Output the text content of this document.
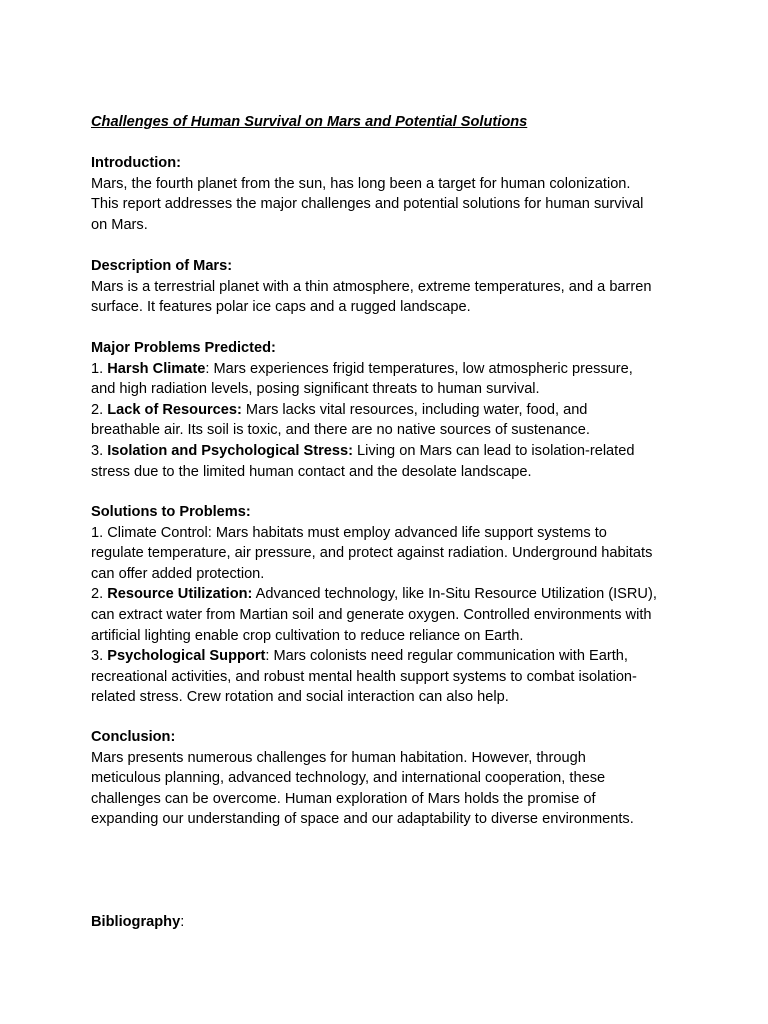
Challenges of Human Survival on Mars and Potential Solutions
Introduction:
Mars, the fourth planet from the sun, has long been a target for human colonization.
This report addresses the major challenges and potential solutions for human survival
on Mars.
Description of Mars:
Mars is a terrestrial planet with a thin atmosphere, extreme temperatures, and a barren
surface. It features polar ice caps and a rugged landscape.
Major Problems Predicted:
1. Harsh Climate: Mars experiences frigid temperatures, low atmospheric pressure,
and high radiation levels, posing significant threats to human survival.
2. Lack of Resources: Mars lacks vital resources, including water, food, and
breathable air. Its soil is toxic, and there are no native sources of sustenance.
3. Isolation and Psychological Stress: Living on Mars can lead to isolation-related
stress due to the limited human contact and the desolate landscape.
Solutions to Problems:
1. Climate Control: Mars habitats must employ advanced life support systems to
regulate temperature, air pressure, and protect against radiation. Underground habitats
can offer added protection.
2. Resource Utilization: Advanced technology, like In-Situ Resource Utilization (ISRU),
can extract water from Martian soil and generate oxygen. Controlled environments with
artificial lighting enable crop cultivation to reduce reliance on Earth.
3. Psychological Support: Mars colonists need regular communication with Earth,
recreational activities, and robust mental health support systems to combat isolation-
related stress. Crew rotation and social interaction can also help.
Conclusion:
Mars presents numerous challenges for human habitation. However, through
meticulous planning, advanced technology, and international cooperation, these
challenges can be overcome. Human exploration of Mars holds the promise of
expanding our understanding of space and our adaptability to diverse environments.
Bibliography:
